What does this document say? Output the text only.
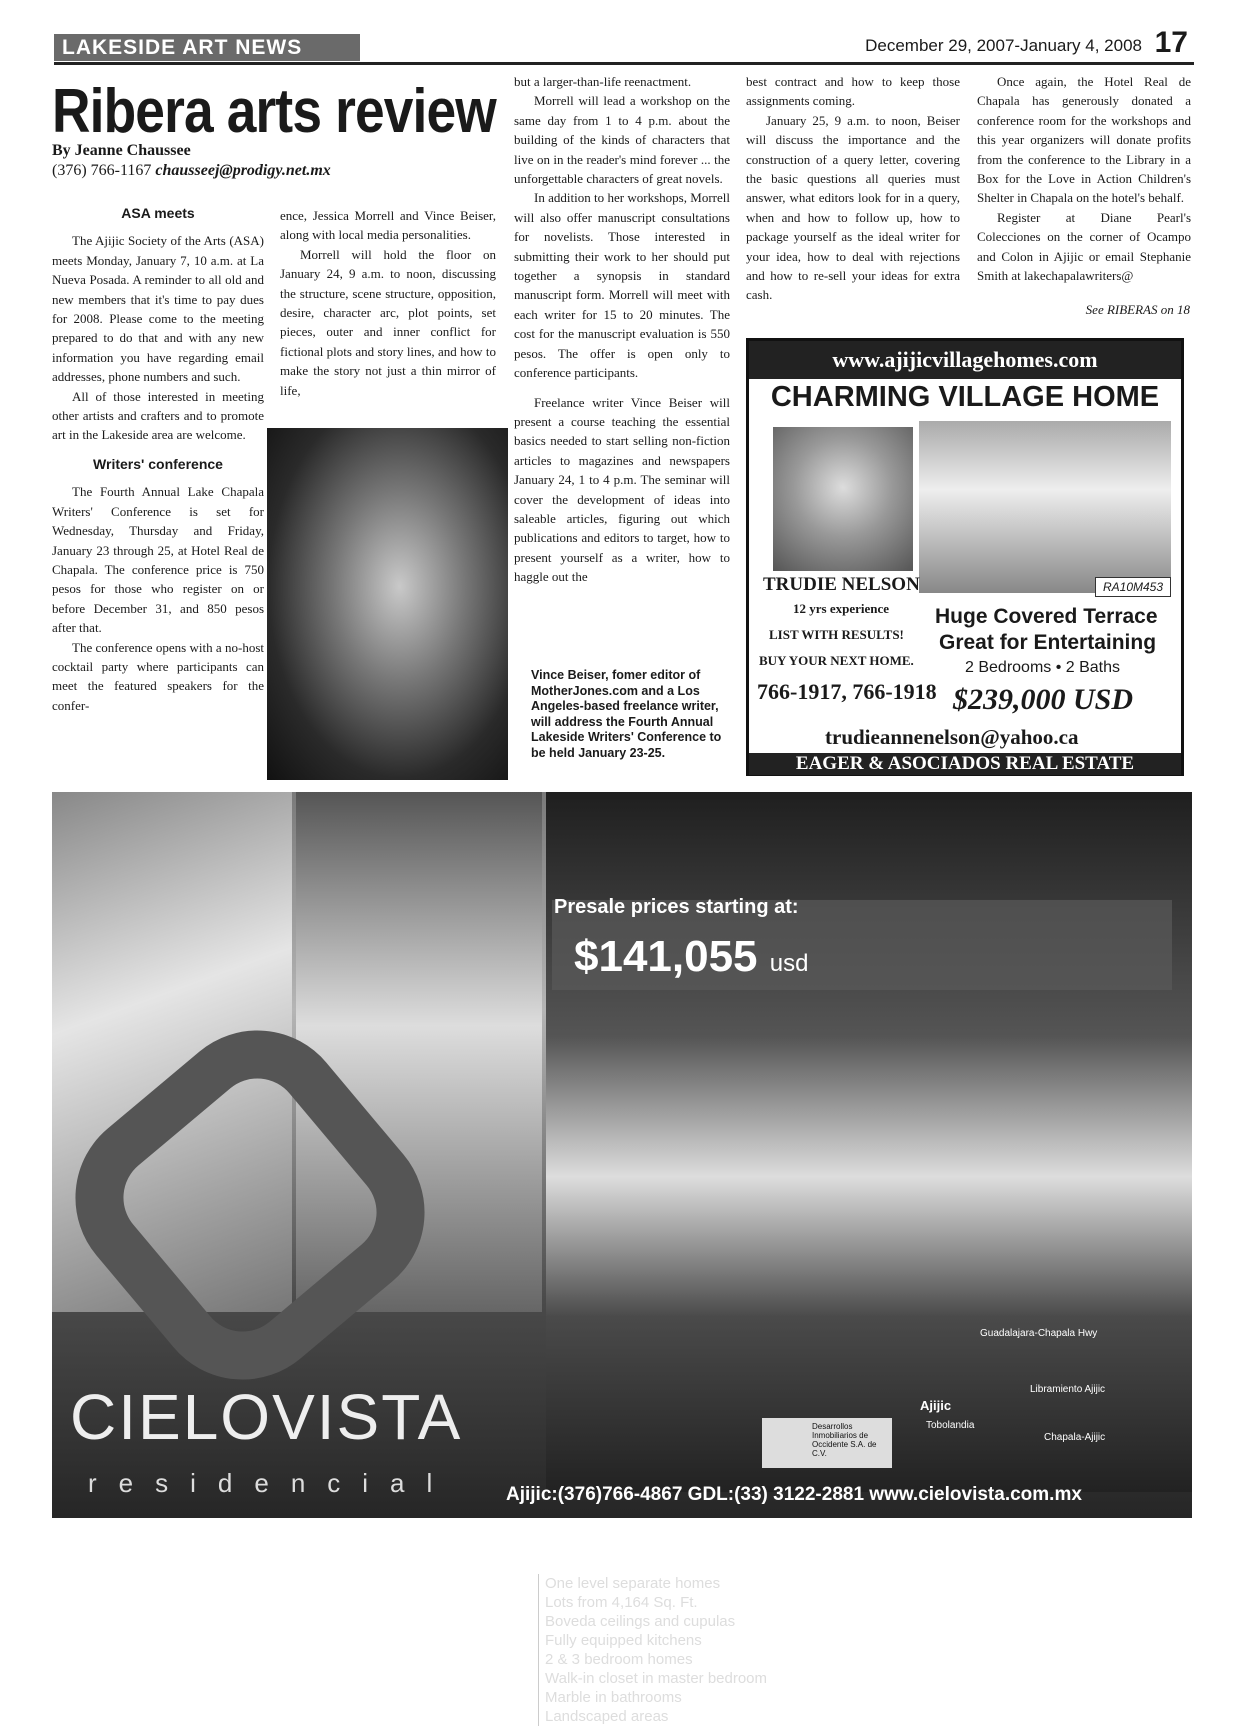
LAKESIDE ART NEWS	December 29, 2007-January 4, 2008 17
Ribera arts review
By Jeanne Chaussee
(376) 766-1167 chausseej@prodigy.net.mx
ASA meets

The Ajijic Society of the Arts (ASA) meets Monday, January 7, 10 a.m. at La Nueva Posada. A reminder to all old and new members that it's time to pay dues for 2008. Please come to the meeting prepared to do that and with any new information you have regarding email addresses, phone numbers and such.

All of those interested in meeting other artists and crafters and to promote art in the Lakeside area are welcome.

Writers' conference

The Fourth Annual Lake Chapala Writers' Conference is set for Wednesday, Thursday and Friday, January 23 through 25, at Hotel Real de Chapala. The conference price is 750 pesos for those who register on or before December 31, and 850 pesos after that.

The conference opens with a no-host cocktail party where participants can meet the featured speakers for the confer-

ence, Jessica Morrell and Vince Beiser, along with local media personalities.

Morrell will hold the floor on January 24, 9 a.m. to noon, discussing the structure, scene structure, opposition, desire, character arc, plot points, set pieces, outer and inner conflict for fictional plots and story lines, and how to make the story not just a thin mirror of life,

but a larger-than-life reenactment.

Morrell will lead a workshop on the same day from 1 to 4 p.m. about the building of the kinds of characters that live on in the reader's mind forever ... the unforgettable characters of great novels.

In addition to her workshops, Morrell will also offer manuscript consultations for novelists. Those interested in submitting their work to her should put together a synopsis in standard manuscript form. Morrell will meet with each writer for 15 to 20 minutes. The cost for the manuscript evaluation is 550 pesos. The offer is open only to conference participants.

Freelance writer Vince Beiser will present a course teaching the essential basics needed to start selling non-fiction articles to magazines and newspapers January 24, 1 to 4 p.m. The seminar will cover the development of ideas into saleable articles, figuring out which publications and editors to target, how to present yourself as a writer, how to haggle out the

Vince Beiser, fomer editor of MotherJones.com and a Los Angeles-based freelance writer, will address the Fourth Annual Lakeside Writers' Conference to be held January 23-25.

best contract and how to keep those assignments coming.

January 25, 9 a.m. to noon, Beiser will discuss the importance and the construction of a query letter, covering the basic questions all queries must answer, what editors look for in a query, when and how to follow up, how to package yourself as the ideal writer for your idea, how to deal with rejections and how to re-sell your ideas for extra cash.

Once again, the Hotel Real de Chapala has generously donated a conference room for the workshops and this year organizers will donate profits from the conference to the Library in a Box for the Love in Action Children's Shelter in Chapala on the hotel's behalf.

Register at Diane Pearl's Colecciones on the corner of Ocampo and Colon in Ajijic or email Stephanie Smith at lakechapalawriters@

See RIBERAS on 18
www.ajijicvillagehomes.com
CHARMING VILLAGE HOME
RA10M453
TRUDIE NELSON
12 yrs experience
LIST WITH RESULTS!
BUY YOUR NEXT HOME.
766-1917, 766-1918
Huge Covered Terrace
Great for Entertaining
2 Bedrooms • 2 Baths
$239,000 USD
trudieannenelson@yahoo.ca
EAGER & ASOCIADOS REAL ESTATE
Presale prices starting at:
$141,055 usd
One level separate homes
Lots from 4,164 Sq. Ft.
Boveda ceilings and cupulas
Fully equipped kitchens
2 & 3 bedroom homes
Walk-in closet in master bedroom
Marble in bathrooms
Landscaped areas
Guadalajara-Chapala Hwy
Libramiento Ajijic
Ajijic
Tobolandia
Chapala-Ajijic
Desarrollos Inmobiliarios de Occidente S.A. de C.V.
CIELOVISTA
residencial	Ajijic:(376)766-4867 GDL:(33) 3122-2881 www.cielovista.com.mx
